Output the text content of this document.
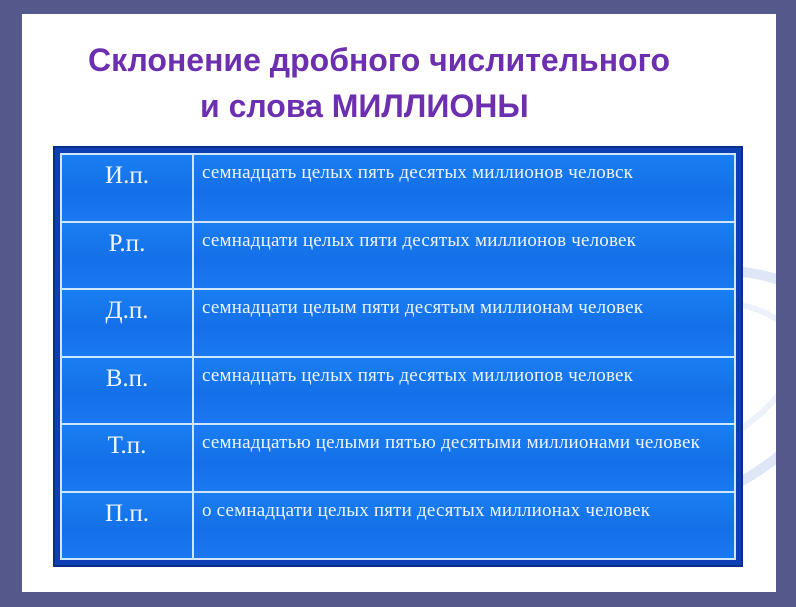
Склонение дробного числительного
и слова МИЛЛИОНЫ
И.п.	семнадцать целых пять десятых миллионов человск
Р.п.	семнадцати целых пяти десятых миллионов человек
Д.п.	семнадцати целым пяти десятым миллионам человек
В.п.	семнадцать целых пять десятых миллиопов человек
Т.п.	семнадцатью целыми пятью десятыми миллионами человек
П.п.	о семнадцати целых пяти десятых миллионах человек
